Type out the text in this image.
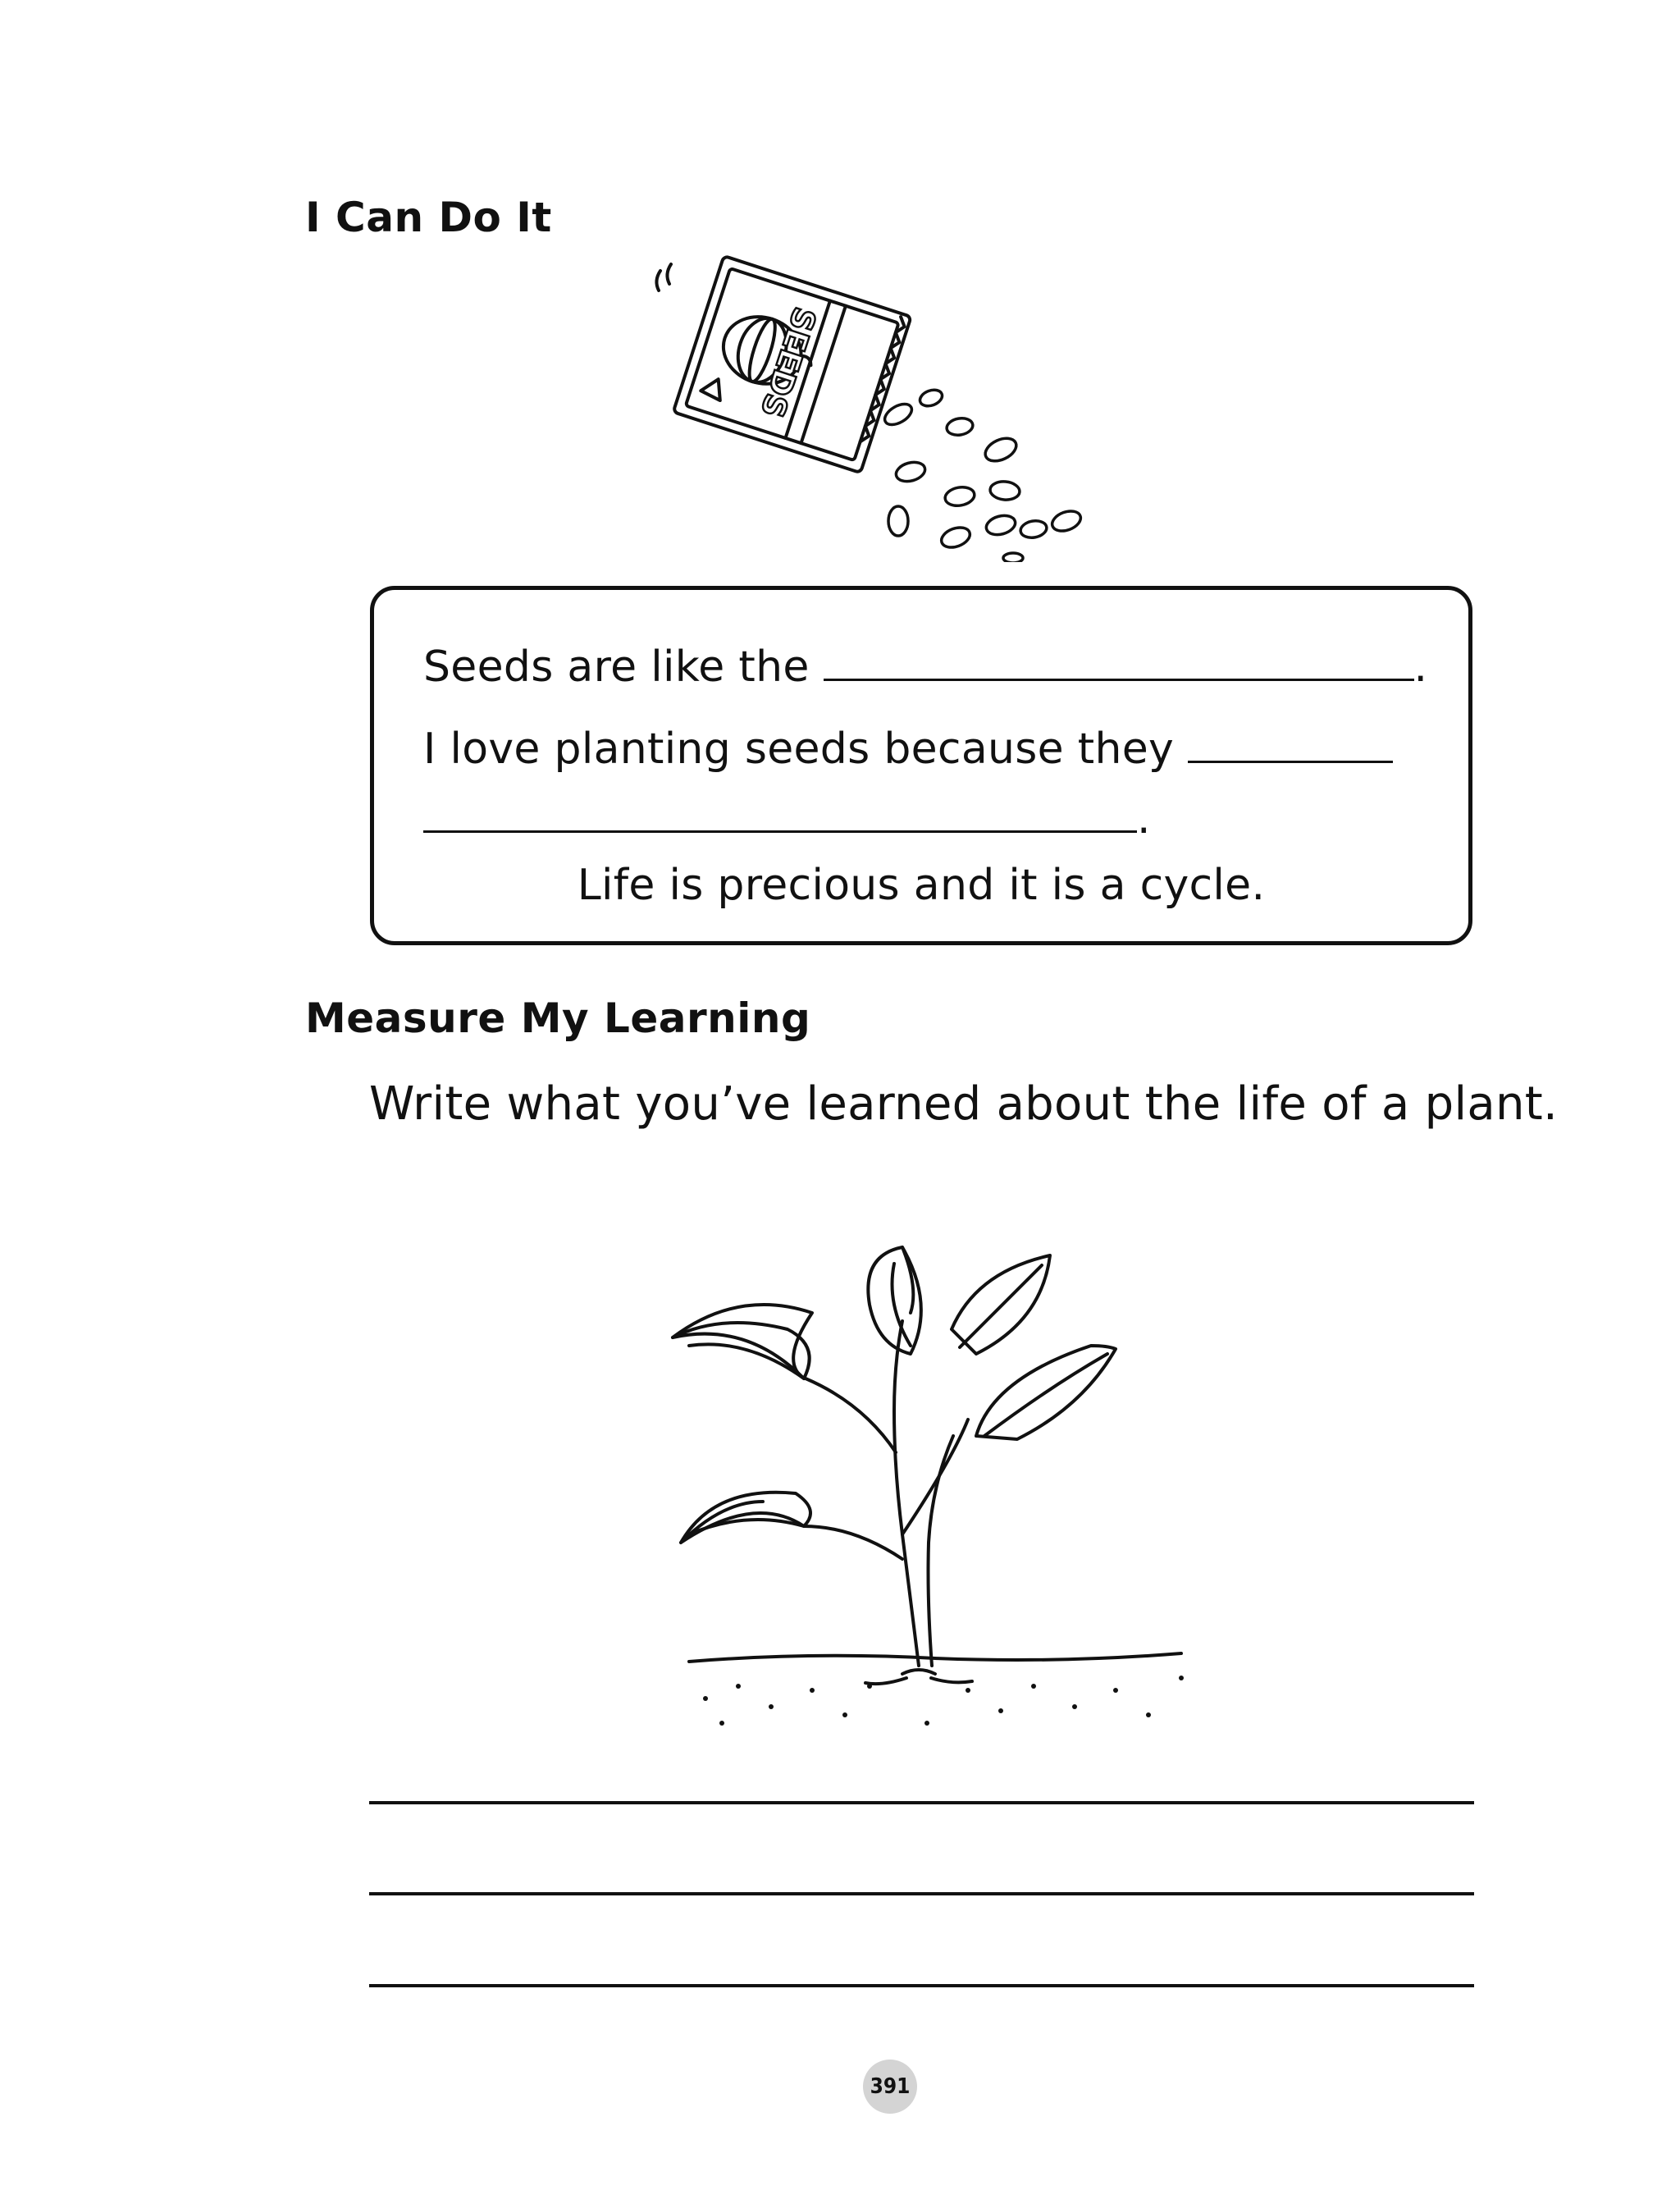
I Can Do It
SEEDS
Seeds are like the	.
I love planting seeds because they
.
Life is precious and it is a cycle.
Measure My Learning

Write what you’ve learned about the life of a plant.

391
